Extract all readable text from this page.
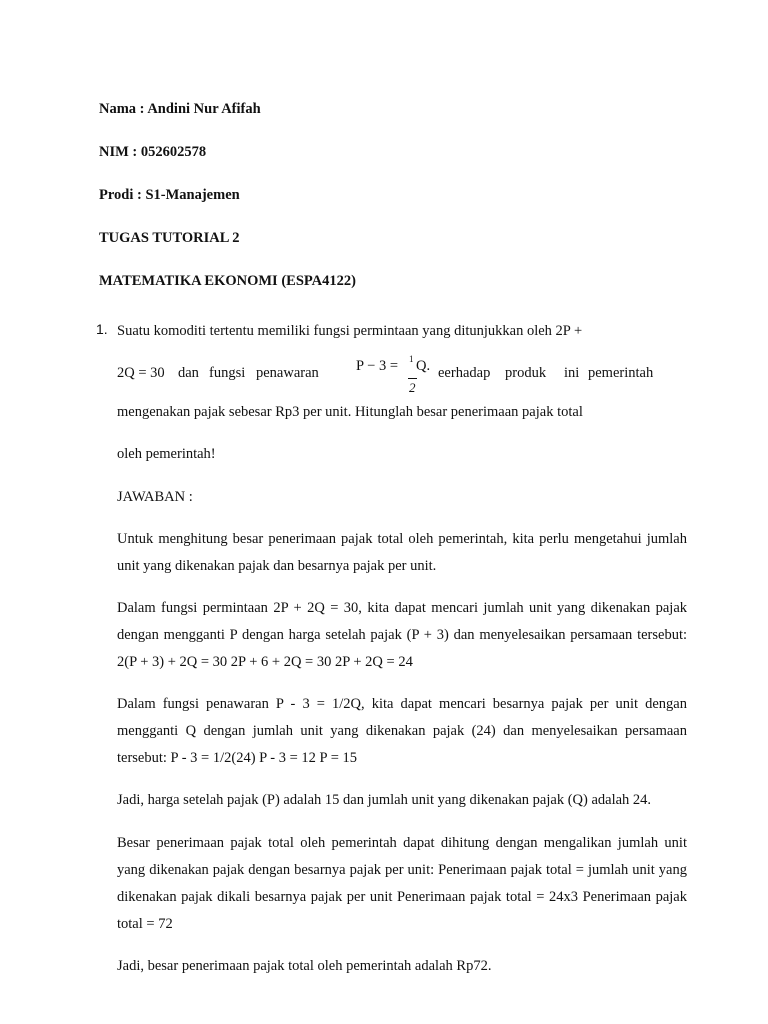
Nama : Andini Nur Afifah
NIM : 052602578
Prodi : S1-Manajemen
TUGAS TUTORIAL 2
MATEMATIKA EKONOMI (ESPA4122)
1. Suatu komoditi tertentu memiliki fungsi permintaan yang ditunjukkan oleh 2P +
2Q = 30 dan fungsi penawaran	P − 3 = 1 Q.
2
eerhadap produk ini pemerintah
mengenakan pajak sebesar Rp3 per unit. Hitunglah besar penerimaan pajak total
oleh pemerintah!
JAWABAN :
Untuk menghitung besar penerimaan pajak total oleh pemerintah, kita perlu mengetahui jumlah unit yang dikenakan pajak dan besarnya pajak per unit.
Dalam fungsi permintaan 2P + 2Q = 30, kita dapat mencari jumlah unit yang dikenakan pajak dengan mengganti P dengan harga setelah pajak (P + 3) dan menyelesaikan persamaan tersebut: 2(P + 3) + 2Q = 30 2P + 6 + 2Q = 30 2P + 2Q = 24
Dalam fungsi penawaran P - 3 = 1/2Q, kita dapat mencari besarnya pajak per unit dengan mengganti Q dengan jumlah unit yang dikenakan pajak (24) dan menyelesaikan persamaan tersebut: P - 3 = 1/2(24) P - 3 = 12 P = 15
Jadi, harga setelah pajak (P) adalah 15 dan jumlah unit yang dikenakan pajak (Q) adalah 24.
Besar penerimaan pajak total oleh pemerintah dapat dihitung dengan mengalikan jumlah unit yang dikenakan pajak dengan besarnya pajak per unit: Penerimaan pajak total = jumlah unit yang dikenakan pajak dikali besarnya pajak per unit Penerimaan pajak total = 24x3 Penerimaan pajak total = 72
Jadi, besar penerimaan pajak total oleh pemerintah adalah Rp72.
